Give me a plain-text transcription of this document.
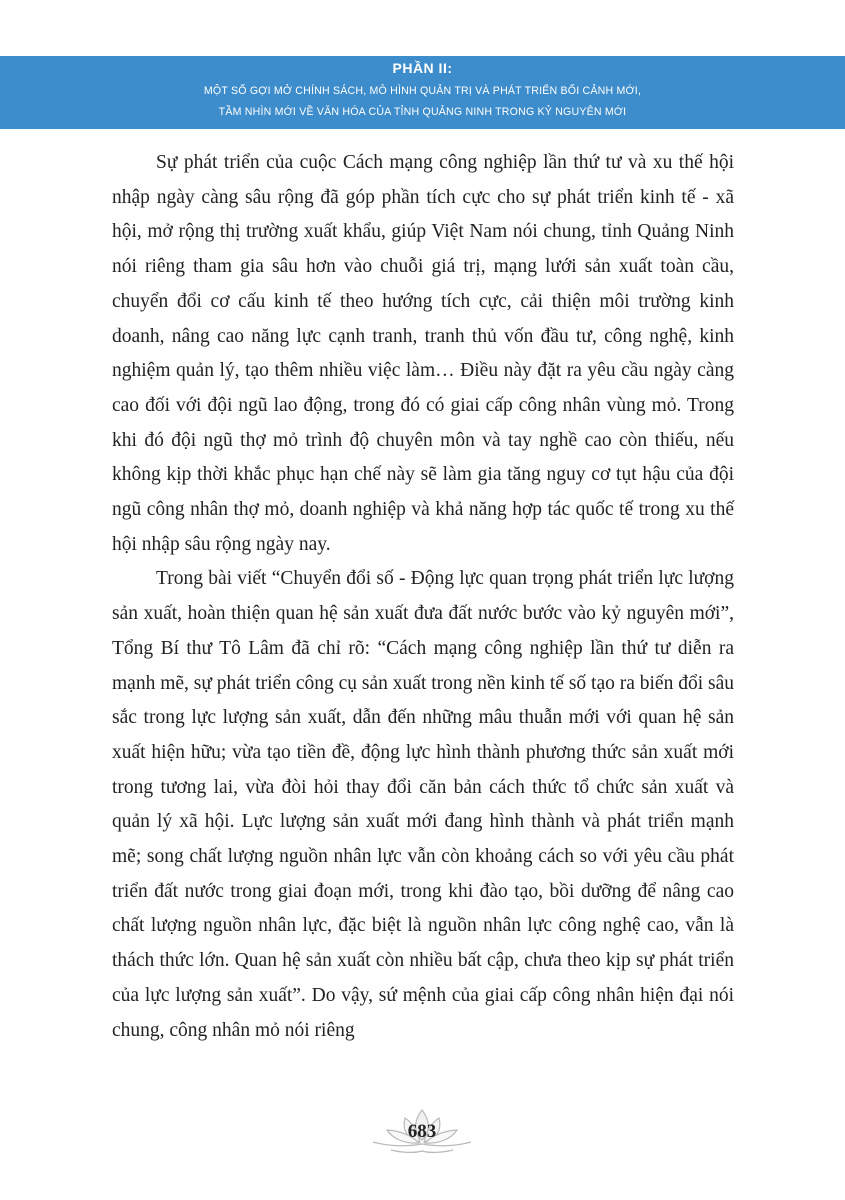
PHẦN II:
MỘT SỐ GỢI MỞ CHÍNH SÁCH, MÔ HÌNH QUẢN TRỊ VÀ PHÁT TRIỂN BỐI CẢNH MỚI,
TẦM NHÌN MỚI VỀ VĂN HÓA CỦA TỈNH QUẢNG NINH TRONG KỶ NGUYÊN MỚI

Sự phát triển của cuộc Cách mạng công nghiệp lần thứ tư và xu thế hội nhập ngày càng sâu rộng đã góp phần tích cực cho sự phát triển kinh tế - xã hội, mở rộng thị trường xuất khẩu, giúp Việt Nam nói chung, tỉnh Quảng Ninh nói riêng tham gia sâu hơn vào chuỗi giá trị, mạng lưới sản xuất toàn cầu, chuyển đổi cơ cấu kinh tế theo hướng tích cực, cải thiện môi trường kinh doanh, nâng cao năng lực cạnh tranh, tranh thủ vốn đầu tư, công nghệ, kinh nghiệm quản lý, tạo thêm nhiều việc làm… Điều này đặt ra yêu cầu ngày càng cao đối với đội ngũ lao động, trong đó có giai cấp công nhân vùng mỏ. Trong khi đó đội ngũ thợ mỏ trình độ chuyên môn và tay nghề cao còn thiếu, nếu không kịp thời khắc phục hạn chế này sẽ làm gia tăng nguy cơ tụt hậu của đội ngũ công nhân thợ mỏ, doanh nghiệp và khả năng hợp tác quốc tế trong xu thế hội nhập sâu rộng ngày nay.

Trong bài viết “Chuyển đổi số - Động lực quan trọng phát triển lực lượng sản xuất, hoàn thiện quan hệ sản xuất đưa đất nước bước vào kỷ nguyên mới”, Tổng Bí thư Tô Lâm đã chỉ rõ: “Cách mạng công nghiệp lần thứ tư diễn ra mạnh mẽ, sự phát triển công cụ sản xuất trong nền kinh tế số tạo ra biến đổi sâu sắc trong lực lượng sản xuất, dẫn đến những mâu thuẫn mới với quan hệ sản xuất hiện hữu; vừa tạo tiền đề, động lực hình thành phương thức sản xuất mới trong tương lai, vừa đòi hỏi thay đổi căn bản cách thức tổ chức sản xuất và quản lý xã hội. Lực lượng sản xuất mới đang hình thành và phát triển mạnh mẽ; song chất lượng nguồn nhân lực vẫn còn khoảng cách so với yêu cầu phát triển đất nước trong giai đoạn mới, trong khi đào tạo, bồi dưỡng để nâng cao chất lượng nguồn nhân lực, đặc biệt là nguồn nhân lực công nghệ cao, vẫn là thách thức lớn. Quan hệ sản xuất còn nhiều bất cập, chưa theo kịp sự phát triển của lực lượng sản xuất”. Do vậy, sứ mệnh của giai cấp công nhân hiện đại nói chung, công nhân mỏ nói riêng

683
